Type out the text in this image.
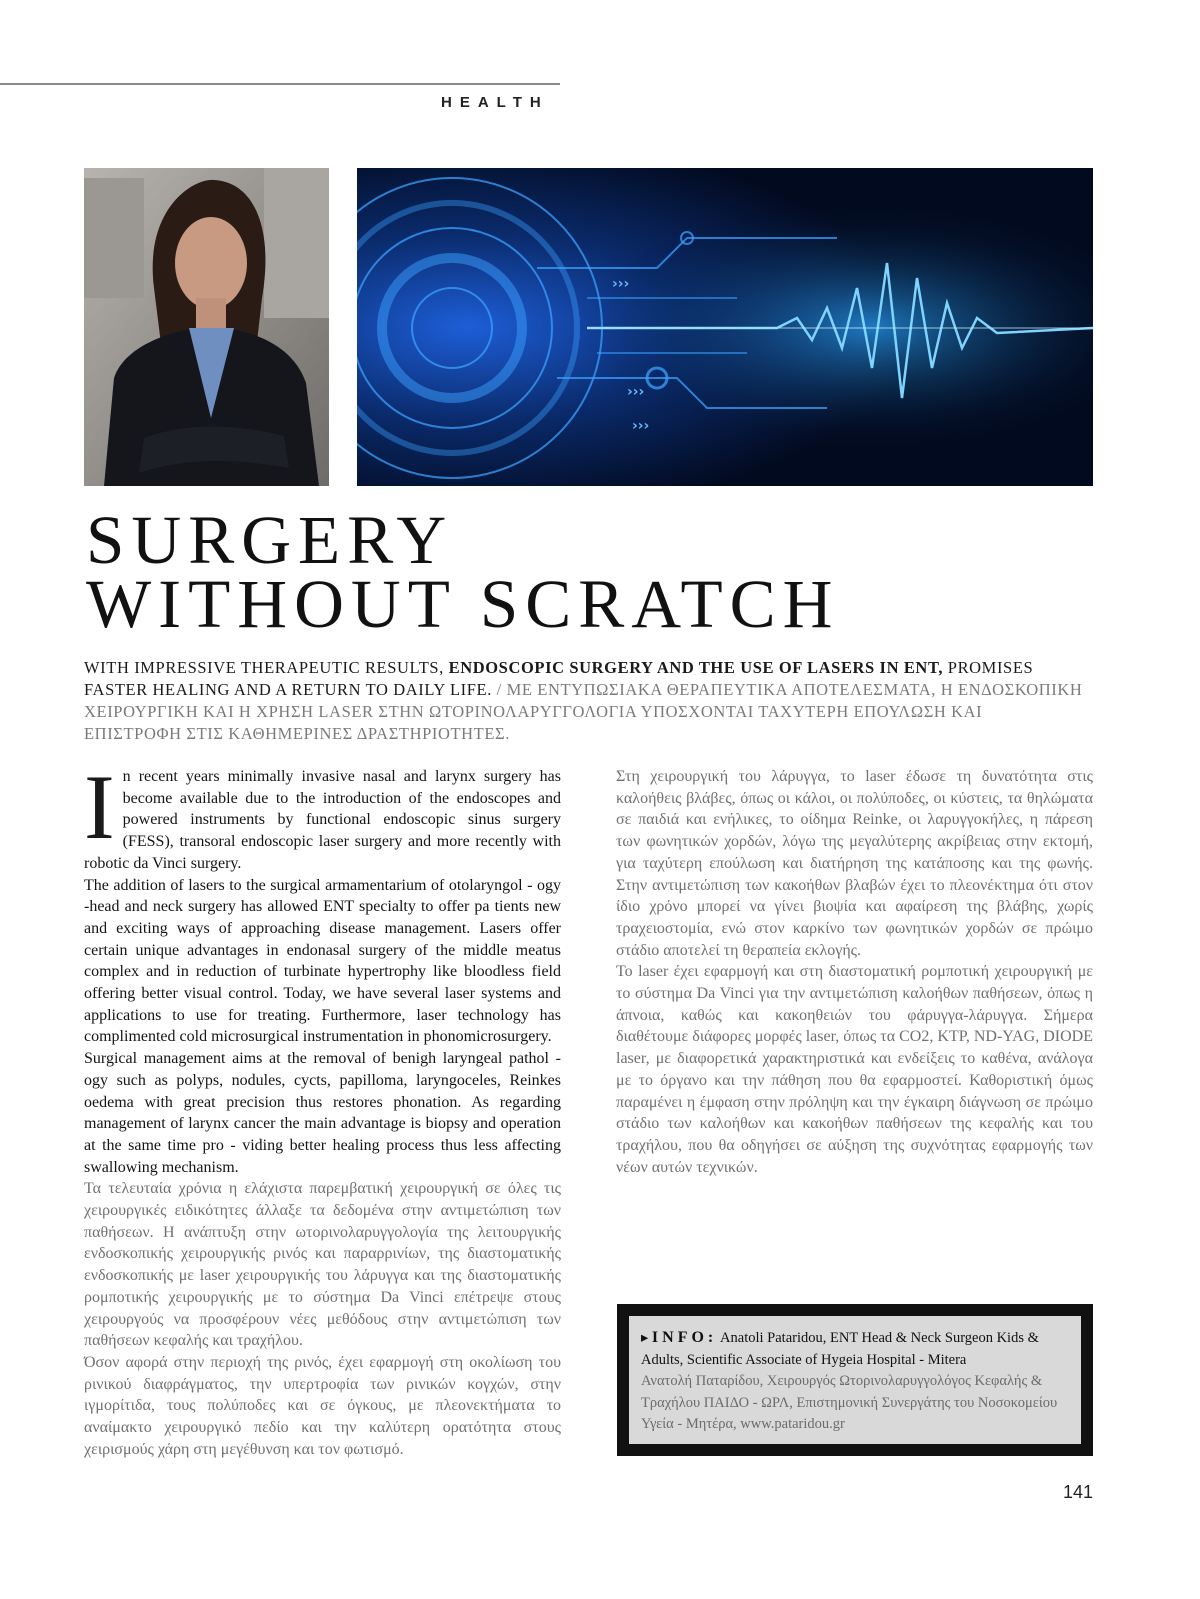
HEALTH
›››
›››
›››
SURGERY
WITHOUT SCRATCH
WITH IMPRESSIVE THERAPEUTIC RESULTS, ENDOSCOPIC SURGERY AND THE USE OF LASERS IN ENT, PROMISES FASTER HEALING AND A RETURN TO DAILY LIFE. / ΜΕ ΕΝΤΥΠΩΣΙΑΚΑ ΘΕΡΑΠΕΥΤΙΚΑ ΑΠΟΤΕΛΕΣΜΑΤΑ, Η ΕΝΔΟΣΚΟΠΙΚΗ ΧΕΙΡΟΥΡΓΙΚΗ ΚΑΙ Η ΧΡΗΣΗ LASER ΣΤΗΝ ΩΤΟΡΙΝΟΛΑΡΥΓΓΟΛΟΓΙΑ ΥΠΟΣΧΟΝΤΑΙ ΤΑΧΥΤΕΡΗ ΕΠΟΥΛΩΣΗ ΚΑΙ ΕΠΙΣΤΡΟΦΗ ΣΤΙΣ ΚΑΘΗΜΕΡΙΝΕΣ ΔΡΑΣΤΗΡΙΟΤΗΤΕΣ.

In recent years minimally invasive nasal and larynx surgery has become available due to the introduction of the endoscopes and powered instruments by functional endoscopic sinus surgery (FESS), transoral endoscopic laser surgery and more recently with robotic da Vinci surgery.

The addition of lasers to the surgical armamentarium of otolaryngol - ogy -head and neck surgery has allowed ENT specialty to offer pa tients new and exciting ways of approaching disease management. Lasers offer certain unique advantages in endonasal surgery of the middle meatus complex and in reduction of turbinate hypertrophy like bloodless field offering better visual control. Today, we have several laser systems and applications to use for treating. Furthermore, laser technology has complimented cold microsurgical instrumentation in phonomicrosurgery.

Surgical management aims at the removal of benigh laryngeal pathol - ogy such as polyps, nodules, cycts, papilloma, laryngoceles, Reinkes oedema with great precision thus restores phonation. As regarding management of larynx cancer the main advantage is biopsy and operation at the same time pro - viding better healing process thus less affecting swallowing mechanism.

Τα τελευταία χρόνια η ελάχιστα παρεμβατική χειρουργική σε όλες τις χειρουργικές ειδικότητες άλλαξε τα δεδομένα στην αντιμετώπιση των παθήσεων. Η ανάπτυξη στην ωτορινολαρυγγολογία της λειτουργικής ενδοσκοπικής χειρουργικής ρινός και παραρρινίων, της διαστοματικής ενδοσκοπικής με laser χειρουργικής του λάρυγγα και της διαστοματικής ρομποτικής χειρουργικής με το σύστημα Da Vinci επέτρεψε στους χειρουργούς να προσφέρουν νέες μεθόδους στην αντιμετώπιση των παθήσεων κεφαλής και τραχήλου.

Όσον αφορά στην περιοχή της ρινός, έχει εφαρμογή στη οκολίωση του ρινικού διαφράγματος, την υπερτροφία των ρινικών κογχών, στην ιγμορίτιδα, τους πολύποδες και σε όγκους, με πλεονεκτήματα το αναίμακτο χειρουργικό πεδίο και την καλύτερη ορατότητα στους χειρισμούς χάρη στη μεγέθυνση και τον φωτισμό.

Στη χειρουργική του λάρυγγα, το laser έδωσε τη δυνατότητα στις καλοήθεις βλάβες, όπως οι κάλοι, οι πολύποδες, οι κύστεις, τα θηλώματα σε παιδιά και ενήλικες, το οίδημα Reinke, οι λαρυγγοκήλες, η πάρεση των φωνητικών χορδών, λόγω της μεγαλύτερης ακρίβειας στην εκτομή, για ταχύτερη επούλωση και διατήρηση της κατάποσης και της φωνής. Στην αντιμετώπιση των κακοήθων βλαβών έχει το πλεονέκτημα ότι στον ίδιο χρόνο μπορεί να γίνει βιοψία και αφαίρεση της βλάβης, χωρίς τραχειοστομία, ενώ στον καρκίνο των φωνητικών χορδών σε πρώιμο στάδιο αποτελεί τη θεραπεία εκλογής.

Το laser έχει εφαρμογή και στη διαστοματική ρομποτική χειρουργική με το σύστημα Da Vinci για την αντιμετώπιση καλοήθων παθήσεων, όπως η άπνοια, καθώς και κακοηθειών του φάρυγγα-λάρυγγα. Σήμερα διαθέτουμε διάφορες μορφές laser, όπως τα CO2, KTP, ND-YAG, DIODE laser, με διαφορετικά χαρακτηριστικά και ενδείξεις το καθένα, ανάλογα με το όργανο και την πάθηση που θα εφαρμοστεί. Καθοριστική όμως παραμένει η έμφαση στην πρόληψη και την έγκαιρη διάγνωση σε πρώιμο στάδιο των καλοήθων και κακοήθων παθήσεων της κεφαλής και του τραχήλου, που θα οδηγήσει σε αύξηση της συχνότητας εφαρμογής των νέων αυτών τεχνικών.

▸ INFO: Anatoli Pataridou, ENT Head & Neck Surgeon Kids & Adults, Scientific Associate of Hygeia Hospital - Mitera
Ανατολή Παταρίδου, Χειρουργός Ωτορινολαρυγγολόγος Κεφαλής & Τραχήλου ΠΑΙΔΟ - ΩΡΛ, Επιστημονική Συνεργάτης του Νοσοκομείου Υγεία - Μητέρα, www.pataridou.gr
141
